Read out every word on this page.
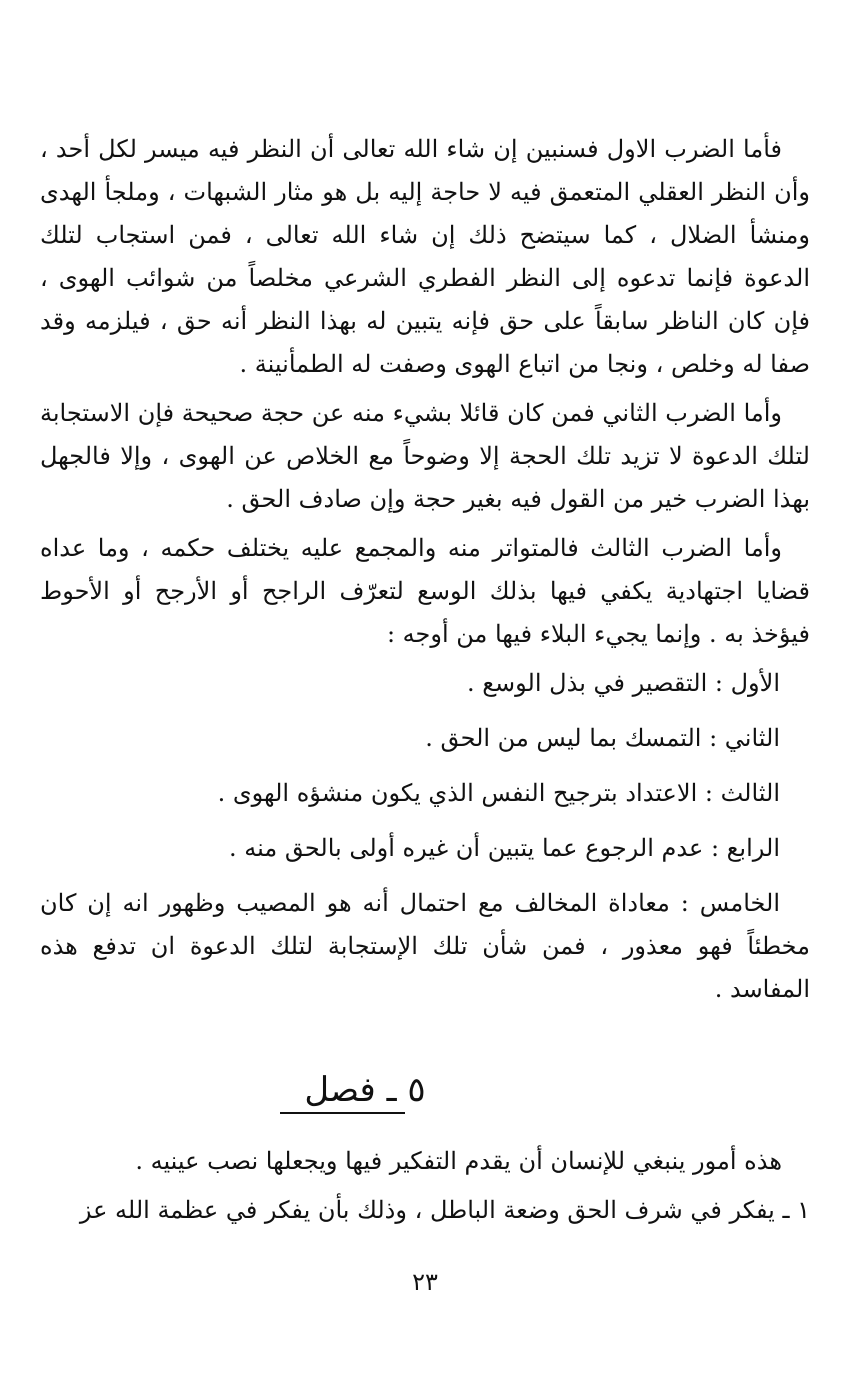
فأما الضرب الاول فسنبين إن شاء الله تعالى أن النظر فيه ميسر لكل أحد ، وأن النظر العقلي المتعمق فيه لا حاجة إليه بل هو مثار الشبهات ، وملجأ الهدى ومنشأ الضلال ، كما سيتضح ذلك إن شاء الله تعالى ، فمن استجاب لتلك الدعوة فإنما تدعوه إلى النظر الفطري الشرعي مخلصاً من شوائب الهوى ، فإن كان الناظر سابقاً على حق فإنه يتبين له بهذا النظر أنه حق ، فيلزمه وقد صفا له وخلص ، ونجا من اتباع الهوى وصفت له الطمأنينة .

وأما الضرب الثاني فمن كان قائلا بشيء منه عن حجة صحيحة فإن الاستجابة لتلك الدعوة لا تزيد تلك الحجة إلا وضوحاً مع الخلاص عن الهوى ، وإلا فالجهل بهذا الضرب خير من القول فيه بغير حجة وإن صادف الحق .

وأما الضرب الثالث فالمتواتر منه والمجمع عليه يختلف حكمه ، وما عداه قضايا اجتهادية يكفي فيها بذلك الوسع لتعرّف الراجح أو الأرجح أو الأحوط فيؤخذ به . وإنما يجيء البلاء فيها من أوجه :

الأول : التقصير في بذل الوسع .

الثاني : التمسك بما ليس من الحق .

الثالث : الاعتداد بترجيح النفس الذي يكون منشؤه الهوى .

الرابع : عدم الرجوع عما يتبين أن غيره أولى بالحق منه .

الخامس : معاداة المخالف مع احتمال أنه هو المصيب وظهور انه إن كان مخطئاً فهو معذور ، فمن شأن تلك الإستجابة لتلك الدعوة ان تدفع هذه المفاسد .

٥ ـ فصل

هذه أمور ينبغي للإنسان أن يقدم التفكير فيها ويجعلها نصب عينيه .

١ ـ يفكر في شرف الحق وضعة الباطل ، وذلك بأن يفكر في عظمة الله عز

٢٣
